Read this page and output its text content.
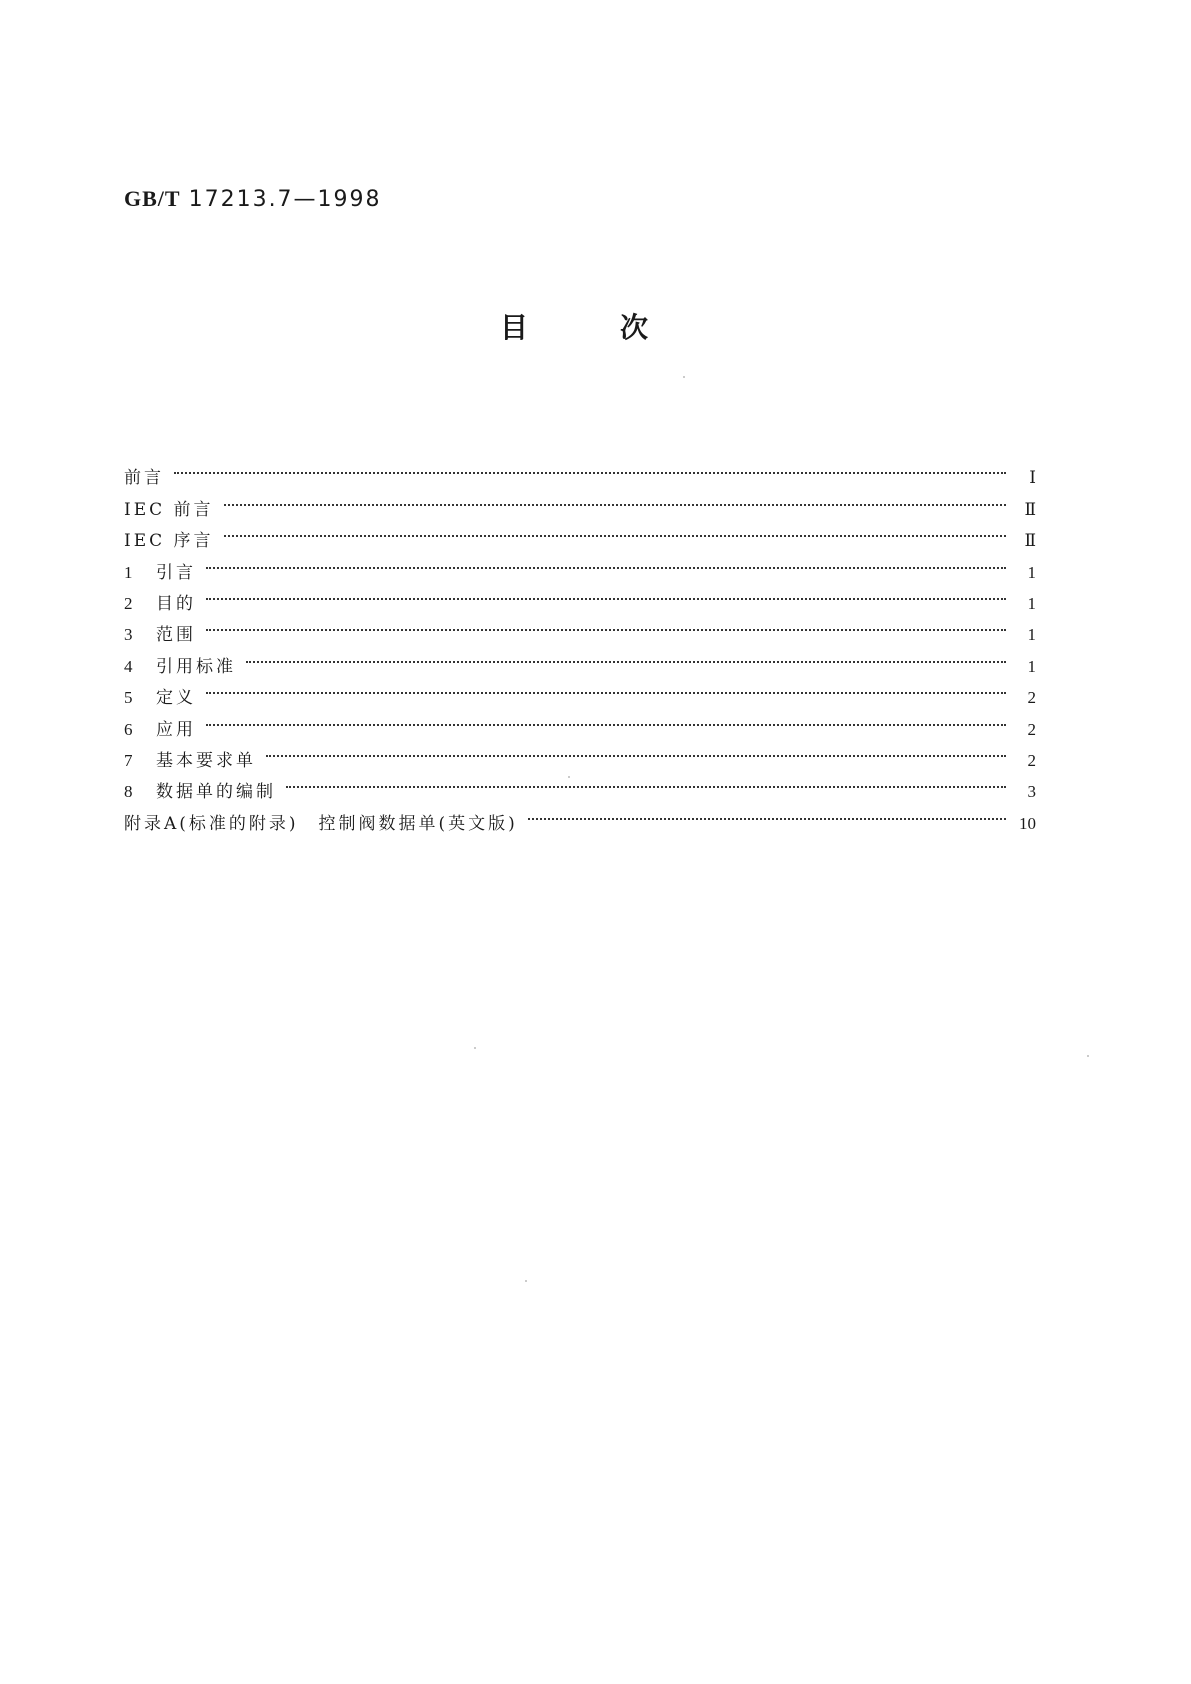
GB/T 17213.7—1998
目	次
前言	Ⅰ
IEC 前言	Ⅱ
IEC 序言	Ⅱ
1	引言	1
2	目的	1
3	范围	1
4	引用标准	1
5	定义	2
6	应用	2
7	基本要求单	2
8	数据单的编制	3
附录A(标准的附录)　控制阀数据单(英文版)	10
